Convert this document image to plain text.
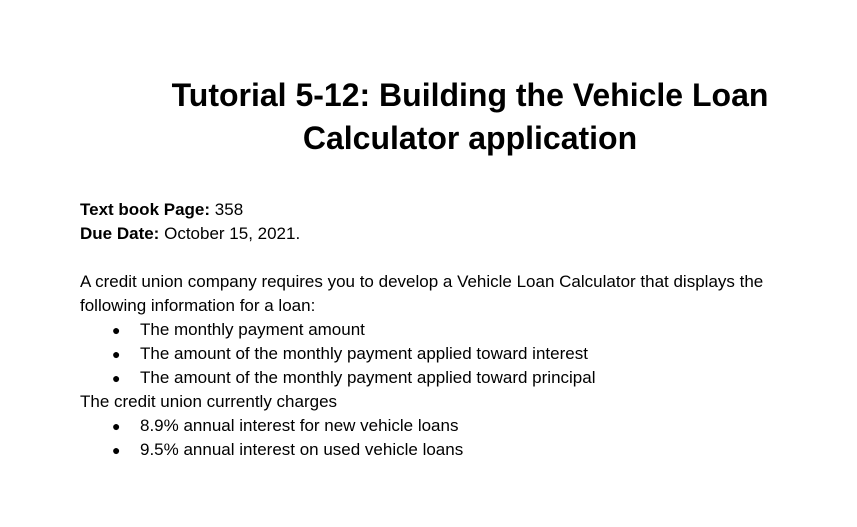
Tutorial 5-12: Building the Vehicle Loan
Calculator application
Text book Page: 358
Due Date: October 15, 2021.

A credit union company requires you to develop a Vehicle Loan Calculator that displays the
following information for a loan:

● The monthly payment amount
● The amount of the monthly payment applied toward interest
● The amount of the monthly payment applied toward principal

The credit union currently charges

● 8.9% annual interest for new vehicle loans
● 9.5% annual interest on used vehicle loans
